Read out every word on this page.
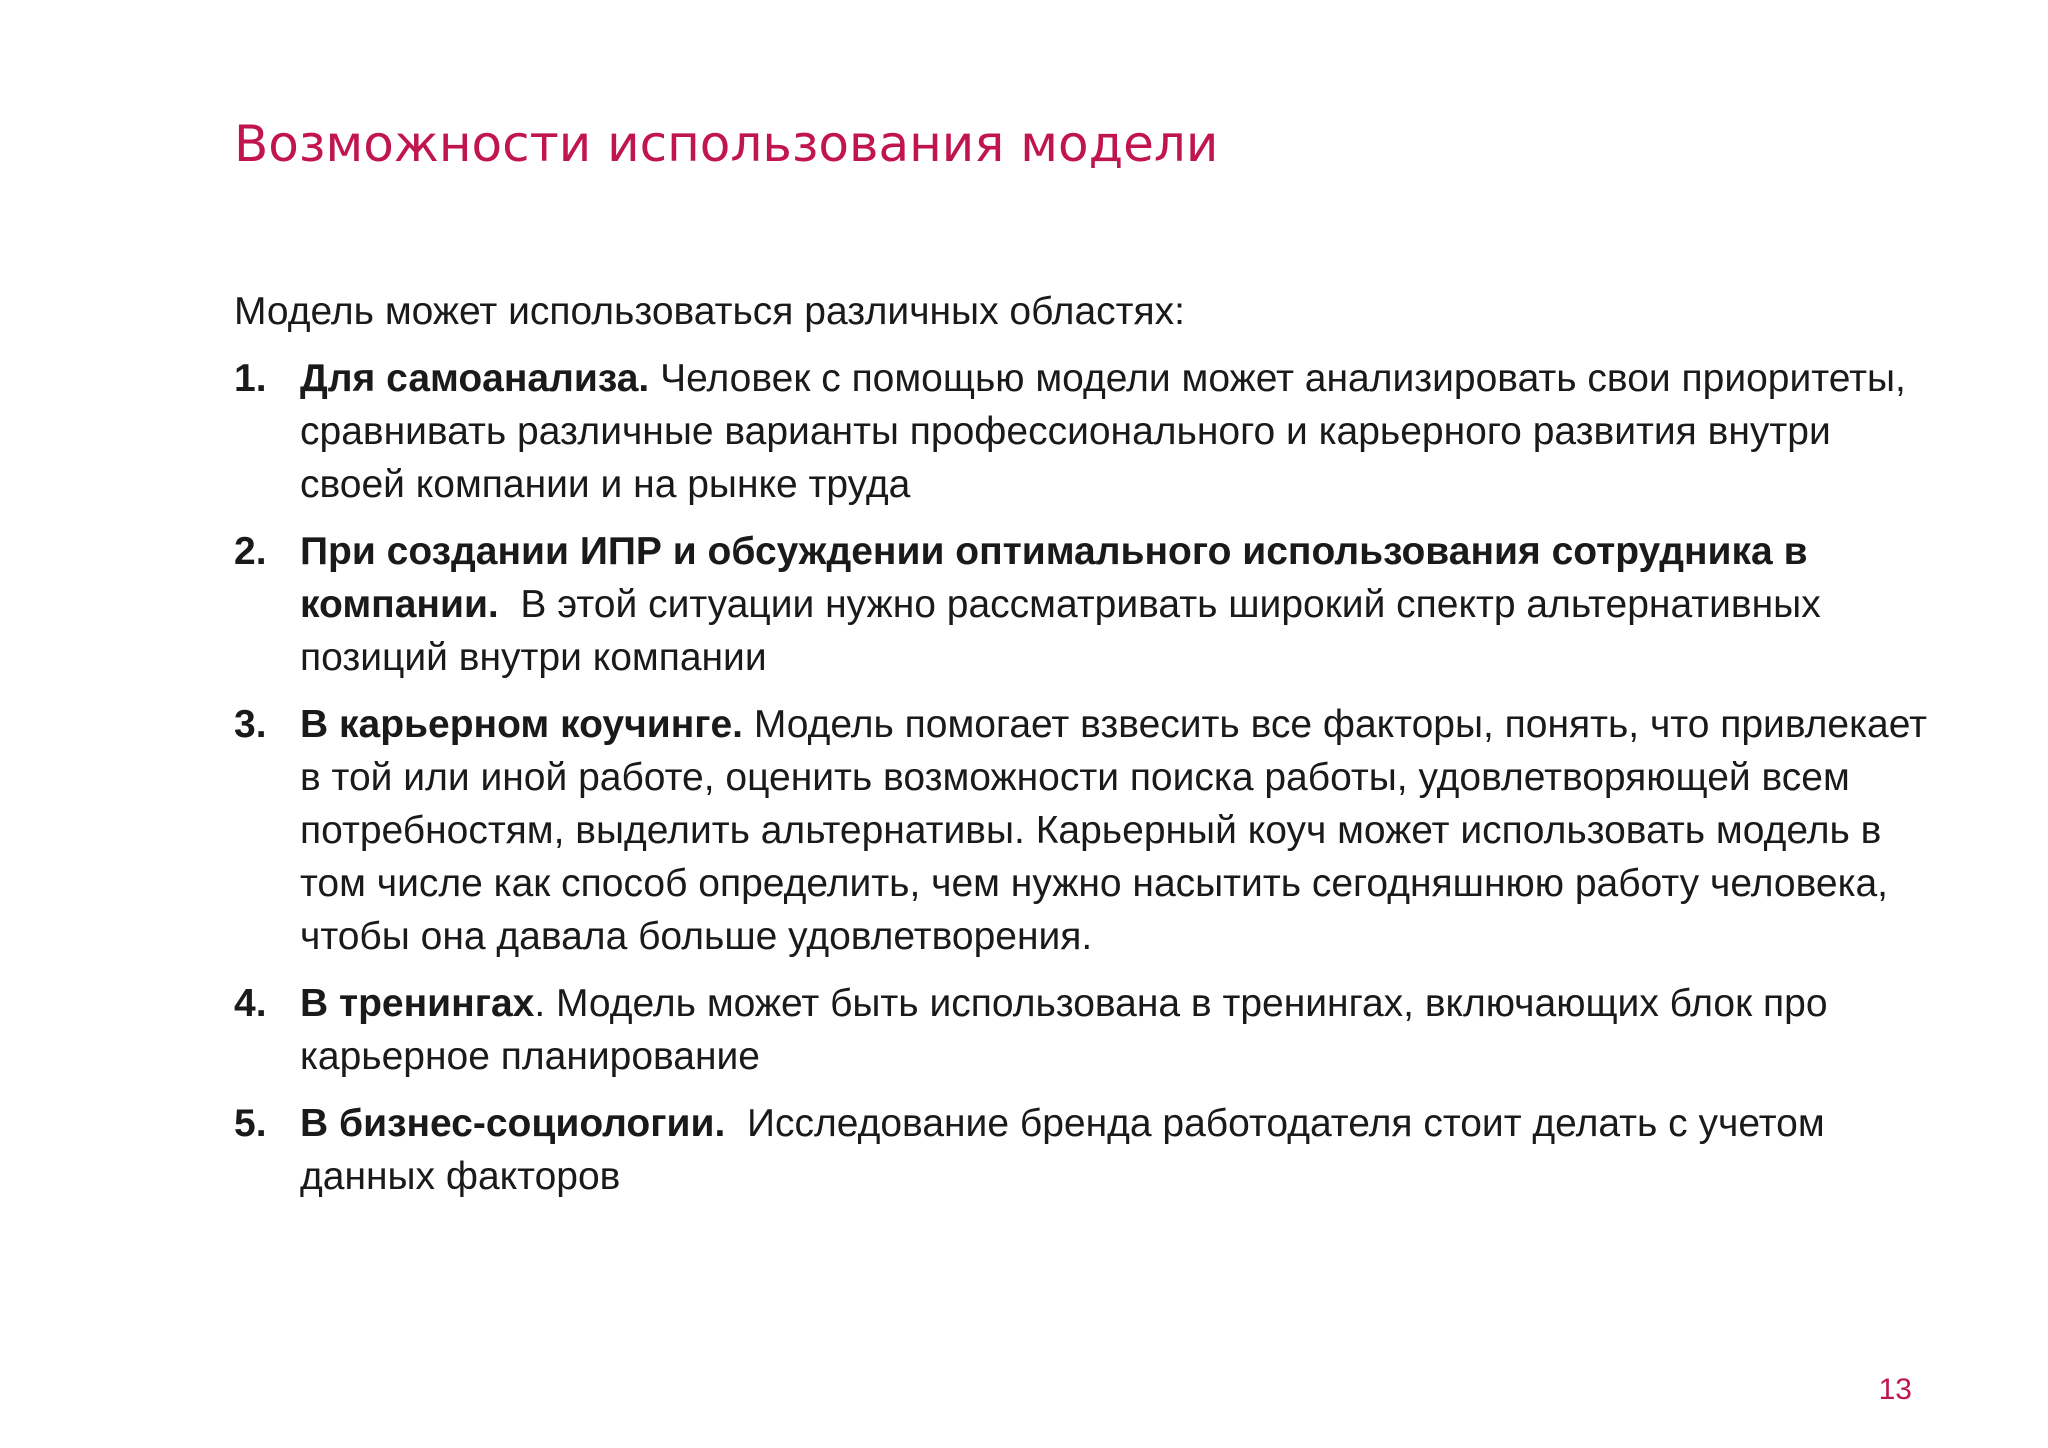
Возможности использования модели

Модель может использоваться различных областях:

1. Для самоанализа. Человек с помощью модели может анализировать свои приоритеты, сравнивать различные варианты профессионального и карьерного развития внутри своей компании и на рынке труда
2. При создании ИПР и обсуждении оптимального использования сотрудника в компании.  В этой ситуации нужно рассматривать широкий спектр альтернативных позиций внутри компании
3. В карьерном коучинге. Модель помогает взвесить все факторы, понять, что привлекает в той или иной работе, оценить возможности поиска работы, удовлетворяющей всем потребностям, выделить альтернативы. Карьерный коуч может использовать модель в том числе как способ определить, чем нужно насытить сегодняшнюю работу человека, чтобы она давала больше удовлетворения.
4. В тренингах. Модель может быть использована в тренингах, включающих блок про карьерное планирование
5. В бизнес-социологии.  Исследование бренда работодателя стоит делать с учетом данных факторов
13
